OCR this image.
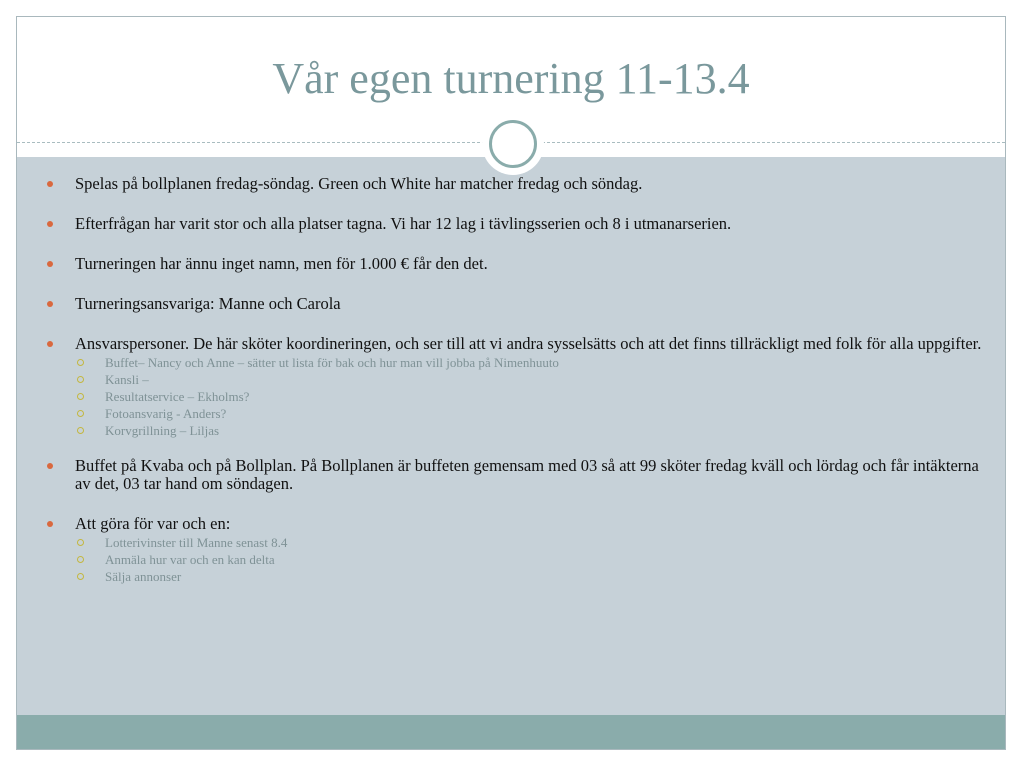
Vår egen turnering 11-13.4
Spelas på bollplanen fredag-söndag. Green och White har matcher fredag och söndag.
Efterfrågan har varit stor och alla platser tagna. Vi har 12 lag i tävlingsserien och 8 i utmanarserien.
Turneringen har ännu inget namn, men för 1.000 € får den det.
Turneringsansvariga: Manne och Carola
Ansvarspersoner. De här sköter koordineringen, och ser till att vi andra sysselsätts och att det finns tillräckligt med folk för alla uppgifter.
Buffet– Nancy och Anne – sätter ut lista för bak och hur man vill jobba på Nimenhuuto
Kansli –
Resultatservice – Ekholms?
Fotoansvarig - Anders?
Korvgrillning – Liljas
Buffet på Kvaba och på Bollplan. På Bollplanen är buffeten gemensam med 03 så att 99 sköter fredag kväll och lördag och får intäkterna av det, 03 tar hand om söndagen.
Att göra för var och en:
Lotterivinster till Manne senast 8.4
Anmäla hur var och en kan delta
Sälja annonser
